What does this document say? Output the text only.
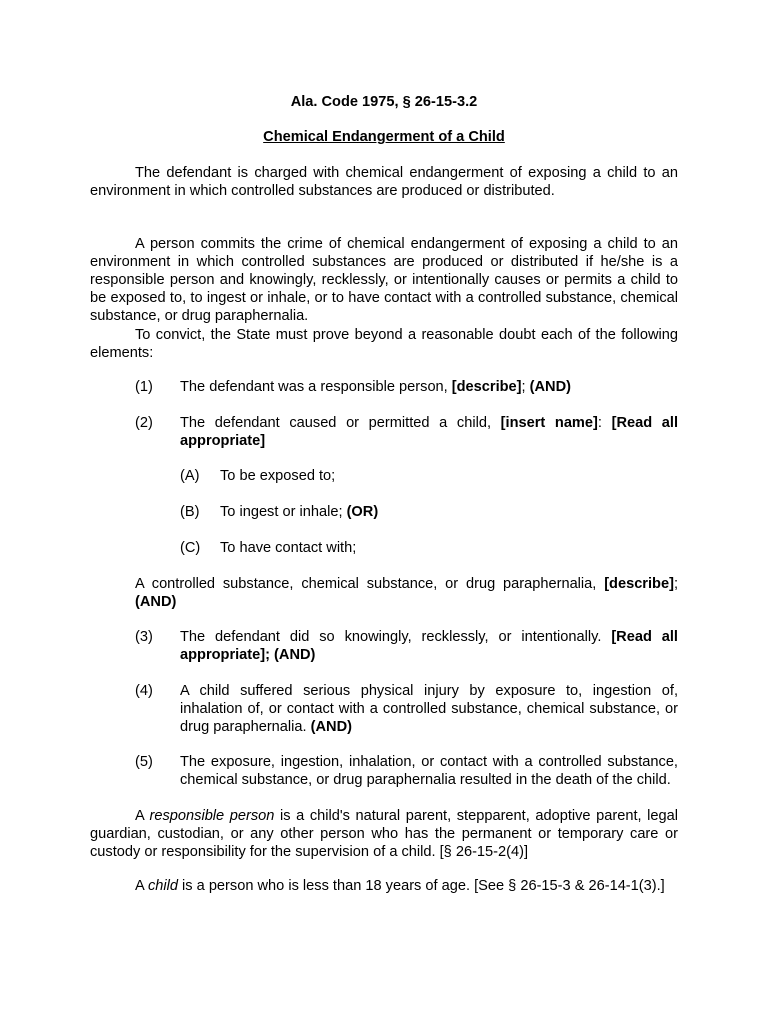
Ala. Code 1975, § 26-15-3.2
Chemical Endangerment of a Child

The defendant is charged with chemical endangerment of exposing a child to an environment in which controlled substances are produced or distributed.

A person commits the crime of chemical endangerment of exposing a child to an environment in which controlled substances are produced or distributed if he/she is a responsible person and knowingly, recklessly, or intentionally causes or permits a child to be exposed to, to ingest or inhale, or to have contact with a controlled substance, chemical substance, or drug paraphernalia.

To convict, the State must prove beyond a reasonable doubt each of the following elements:

(1) The defendant was a responsible person, [describe]; (AND)
(2) The defendant caused or permitted a child, [insert name]: [Read all appropriate]
(A) To be exposed to;
(B) To ingest or inhale; (OR)
(C) To have contact with;

A controlled substance, chemical substance, or drug paraphernalia, [describe]; (AND)

(3) The defendant did so knowingly, recklessly, or intentionally. [Read all appropriate]; (AND)
(4) A child suffered serious physical injury by exposure to, ingestion of, inhalation of, or contact with a controlled substance, chemical substance, or drug paraphernalia. (AND)
(5) The exposure, ingestion, inhalation, or contact with a controlled substance, chemical substance, or drug paraphernalia resulted in the death of the child.

A responsible person is a child's natural parent, stepparent, adoptive parent, legal guardian, custodian, or any other person who has the permanent or temporary care or custody or responsibility for the supervision of a child. [§ 26-15-2(4)]

A child is a person who is less than 18 years of age. [See § 26-15-3 & 26-14-1(3).]
